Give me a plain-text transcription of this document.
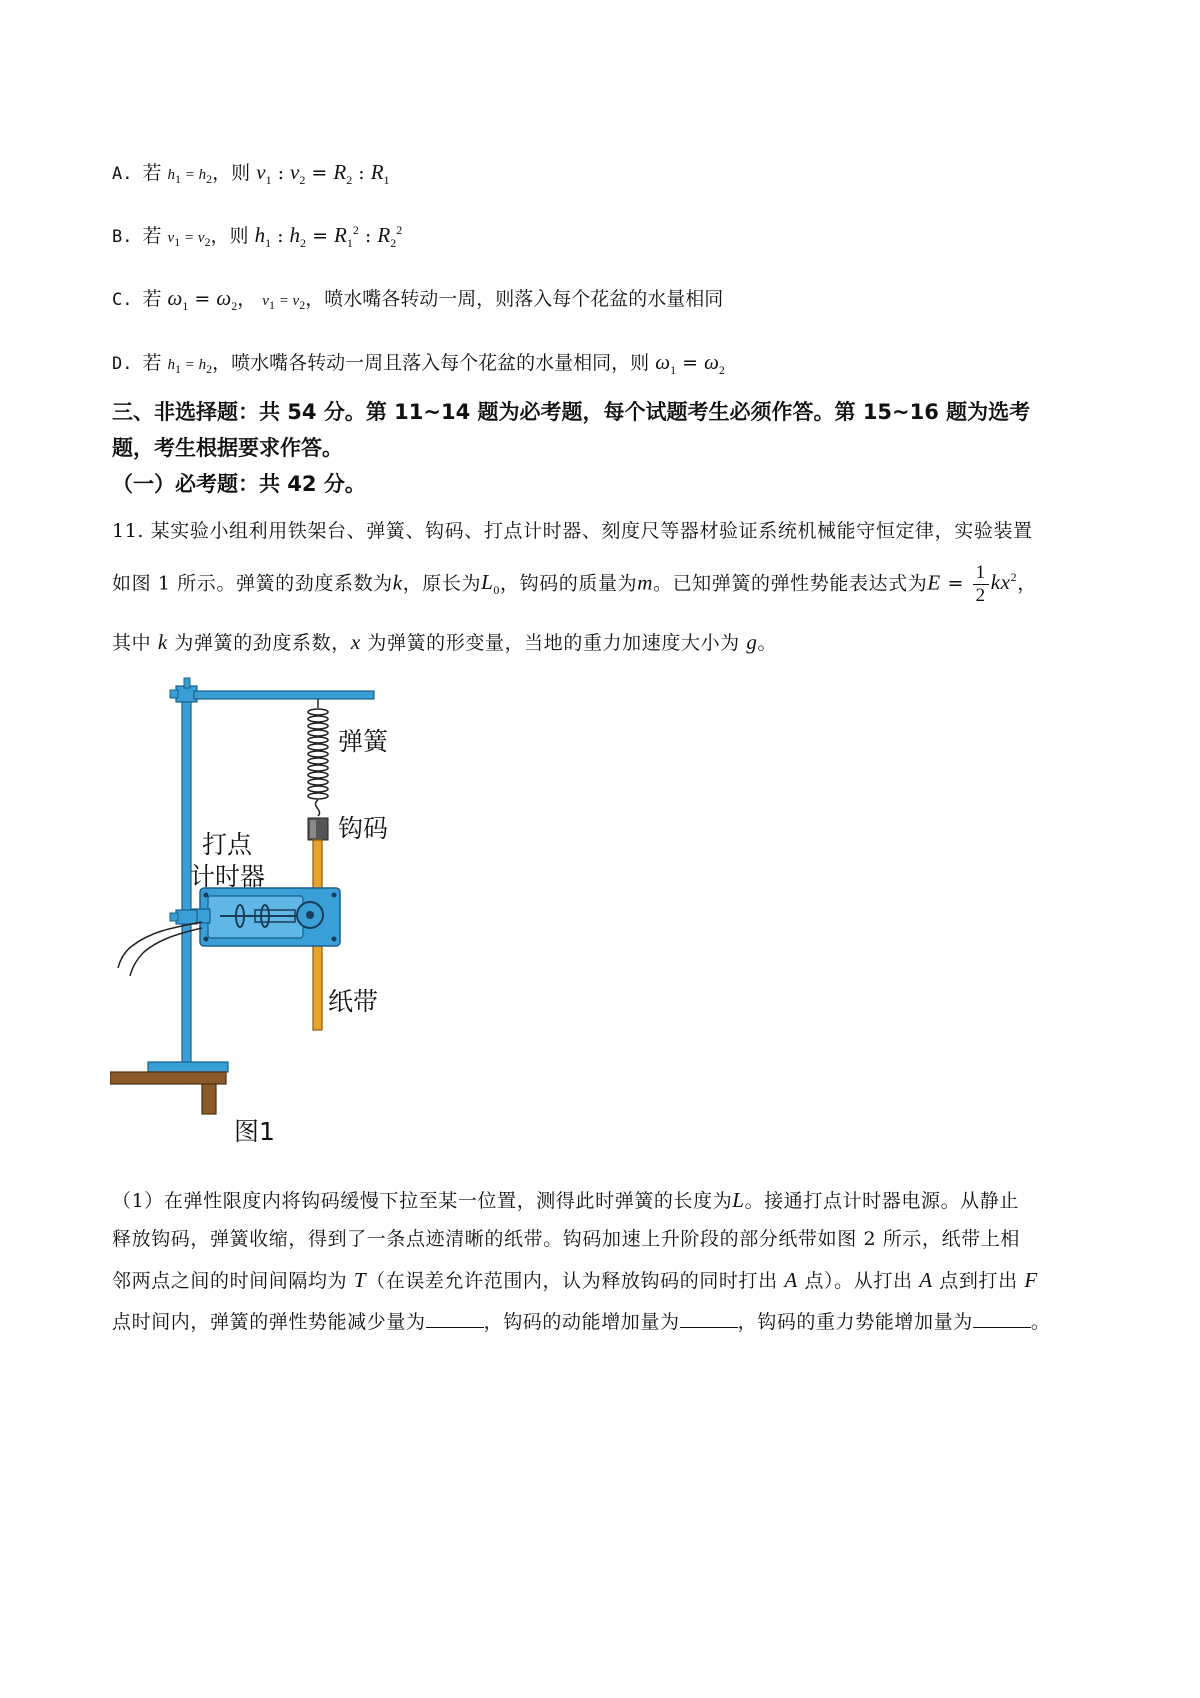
A. 若 $h_1 = h_2$，则 $v_1$ : $v_2 = R_2$ : $R_1$
B. 若 $v_1 = v_2$，则 $h_1$ : $h_2 = R_1^2$ : $R_2^2$
C. 若 $\omega_1 = \omega_2$， $v_1 = v_2$，喷水嘴各转动一周，则落入每个花盆的水量相同
D. 若 $h_1 = h_2$，喷水嘴各转动一周且落入每个花盆的水量相同，则 $\omega_1 = \omega_2$
三、非选择题：共 54 分。第 11~14 题为必考题，每个试题考生必须作答。第 15~16 题为选考
题，考生根据要求作答。
（一）必考题：共 42 分。
11. 某实验小组利用铁架台、弹簧、钩码、打点计时器、刻度尺等器材验证系统机械能守恒定律，实验装置
如图 1 所示。弹簧的劲度系数为k，原长为$L_0$，钩码的质量为m。已知弹簧的弹性势能表达式为$E = \frac{1}{2} kx^2$，
其中 k 为弹簧的劲度系数，x 为弹簧的形变量，当地的重力加速度大小为 g。
弹簧
钩码
打点
计时器
纸带
图1
（1）在弹性限度内将钩码缓慢下拉至某一位置，测得此时弹簧的长度为L。接通打点计时器电源。从静止
释放钩码，弹簧收缩，得到了一条点迹清晰的纸带。钩码加速上升阶段的部分纸带如图 2 所示，纸带上相
邻两点之间的时间间隔均为 T（在误差允许范围内，认为释放钩码的同时打出 A 点）。从打出 A 点到打出 F
点时间内，弹簧的弹性势能减少量为	，钩码的动能增加量为	，钩码的重力势能增加量为	。
